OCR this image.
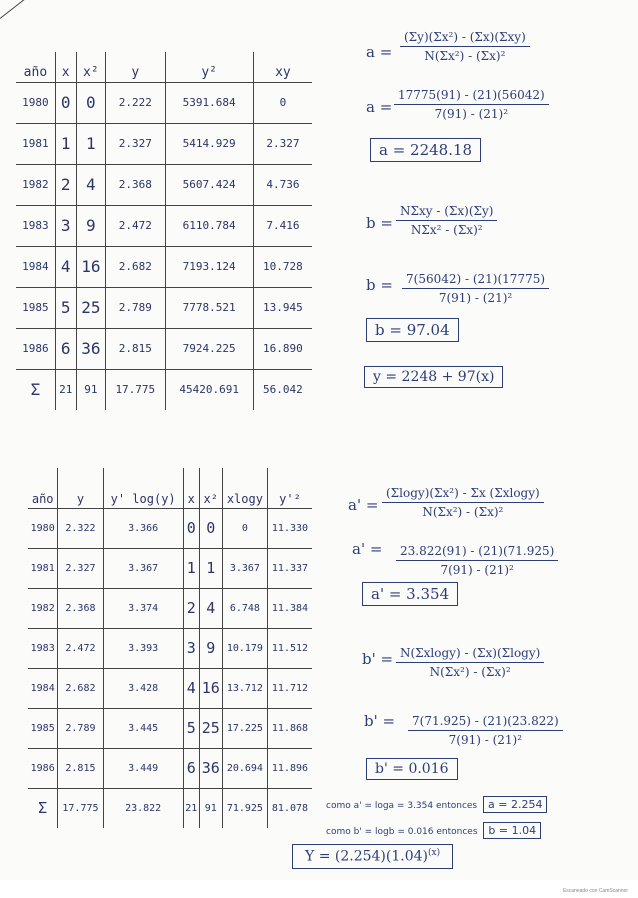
año	x	x²	y	y²	xy
1980	0	0	2.222	5391.684	0
1981	1	1	2.327	5414.929	2.327
1982	2	4	2.368	5607.424	4.736
1983	3	9	2.472	6110.784	7.416
1984	4	16	2.682	7193.124	10.728
1985	5	25	2.789	7778.521	13.945
1986	6	36	2.815	7924.225	16.890
Σ	21	91	17.775	45420.691	56.042
año	y	y' log(y)	x	x²	xlogy	y'²
1980	2.322	3.366	0	0	0	11.330
1981	2.327	3.367	1	1	3.367	11.337
1982	2.368	3.374	2	4	6.748	11.384
1983	2.472	3.393	3	9	10.179	11.512
1984	2.682	3.428	4	16	13.712	11.712
1985	2.789	3.445	5	25	17.225	11.868
1986	2.815	3.449	6	36	20.694	11.896
Σ	17.775	23.822	21	91	71.925	81.078
a =
(Σy)(Σx²) - (Σx)(Σxy)
N(Σx²) - (Σx)²
$a = \frac{17775(91) - (21)(56042)}{\text{7(91) - (21)²}}$
a = 2248.18
b =
NΣxy - (Σx)(Σy)
NΣx² - (Σx)²
$b = \frac{7(56042) - (21)(17775)}{\text{7(91) - (21)²}}$
b = 97.04
y = 2248 + 97(x)
$a' = \frac{\text{(Σlogy)(Σx²) - Σx (Σxlogy)}}{\text{N(Σx²) - (Σx)²}}$
$a' = \frac{23.822(91) - (21)(71.925)}{\text{7(91) - (21)²}}$
a' = 3.354
$b' = \frac{N(\Sigma xlogy) - (\Sigma x)(\Sigma\log y)}{\text{N(Σx²) - (Σx)²}}$
$b' = \frac{7(71.925) - (21)(23.822)}{\text{7(91) - (21)²}}$
b' = 0.016
como a' = loga = 3.354 entonces a = 2.254
como b' = logb = 0.016 entonces b = 1.04
$Y = (2.254)(1.04)^{(x)}$
Escaneado con CamScanner
